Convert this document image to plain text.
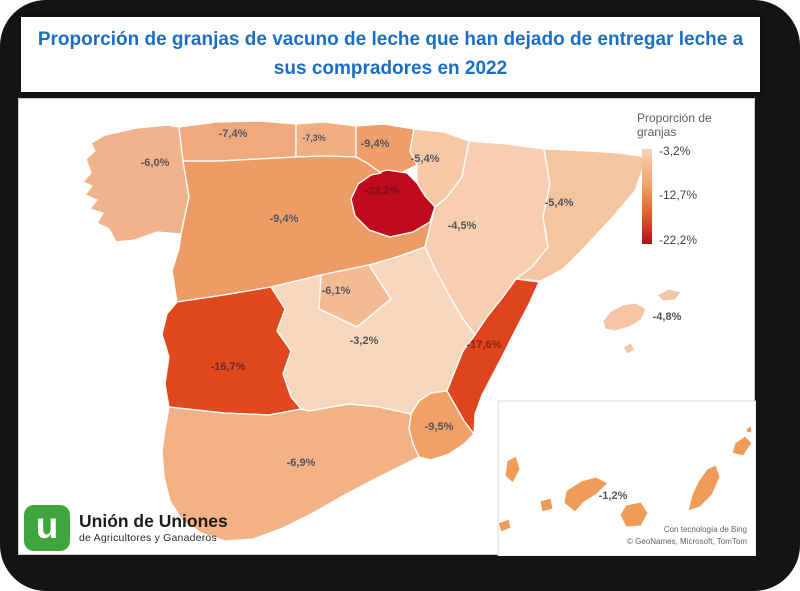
Proporción de granjas de vacuno de leche que han dejado de entregar leche a
sus compradores en 2022
-6,0%
-7,4%	-7,3%	-9,4%
-5,4%
-22,2%
-9,4%
-4,5%
-5,4%
-6,1%
-3,2%
-16,7%
-17,6%
-9,5%
-6,9%
-4,8%
-1,2%
Proporción de granjas
-3,2%
-12,7%
-22,2%
Con tecnología de Bing
© GeoNames, Microsoft, TomTom
u	Unión de Uniones
de Agricultores y Ganaderos
